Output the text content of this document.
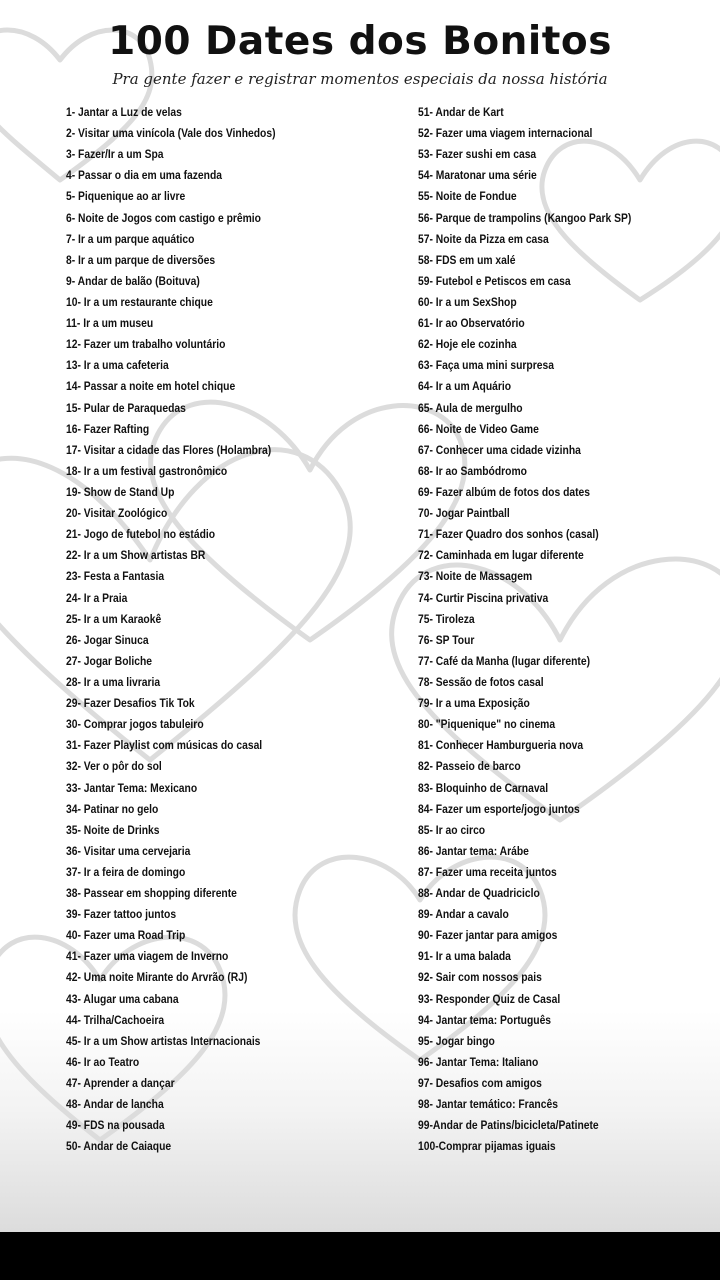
100 Dates dos Bonitos
Pra gente fazer e registrar momentos especiais da nossa história
1- Jantar a Luz de velas
2- Visitar uma vinícola (Vale dos Vinhedos)
3- Fazer/Ir a um Spa
4- Passar o dia em uma fazenda
5- Piquenique ao ar livre
6- Noite de Jogos com castigo e prêmio
7- Ir a um parque aquático
8- Ir a um parque de diversões
9- Andar de balão (Boituva)
10- Ir a um restaurante chique
11- Ir a um museu
12- Fazer um trabalho voluntário
13- Ir a uma cafeteria
14- Passar a noite em hotel chique
15- Pular de Paraquedas
16- Fazer Rafting
17- Visitar a cidade das Flores (Holambra)
18- Ir a um festival gastronômico
19- Show de Stand Up
20- Visitar Zoológico
21- Jogo de futebol no estádio
22- Ir a um Show artistas BR
23- Festa a Fantasia
24- Ir a Praia
25- Ir a um Karaokê
26- Jogar Sinuca
27- Jogar Boliche
28- Ir a uma livraria
29- Fazer Desafios Tik Tok
30- Comprar jogos tabuleiro
31- Fazer Playlist com músicas do casal
32- Ver o pôr do sol
33- Jantar Tema: Mexicano
34- Patinar no gelo
35- Noite de Drinks
36- Visitar uma cervejaria
37- Ir a feira de domingo
38- Passear em shopping diferente
39- Fazer tattoo juntos
40- Fazer uma Road Trip
41- Fazer uma viagem de Inverno
42- Uma noite Mirante do Arvrão (RJ)
43- Alugar uma cabana
44- Trilha/Cachoeira
45- Ir a um Show artistas Internacionais
46- Ir ao Teatro
47- Aprender a dançar
48- Andar de lancha
49- FDS na pousada
50- Andar de Caiaque
51- Andar de Kart
52- Fazer uma viagem internacional
53- Fazer sushi em casa
54- Maratonar uma série
55- Noite de Fondue
56- Parque de trampolins (Kangoo Park SP)
57- Noite da Pizza em casa
58- FDS em um xalé
59- Futebol e Petiscos em casa
60- Ir a um SexShop
61- Ir ao Observatório
62- Hoje ele cozinha
63- Faça uma mini surpresa
64- Ir a um Aquário
65- Aula de mergulho
66- Noite de Video Game
67- Conhecer uma cidade vizinha
68- Ir ao Sambódromo
69- Fazer albúm de fotos dos dates
70- Jogar Paintball
71- Fazer Quadro dos sonhos (casal)
72- Caminhada em lugar diferente
73- Noite de Massagem
74- Curtir Piscina privativa
75- Tiroleza
76- SP Tour
77- Café da Manha (lugar diferente)
78- Sessão de fotos casal
79- Ir a uma Exposição
80- "Piquenique" no cinema
81- Conhecer Hamburgueria nova
82- Passeio de barco
83- Bloquinho de Carnaval
84- Fazer um esporte/jogo juntos
85- Ir ao circo
86- Jantar tema: Arábe
87- Fazer uma receita juntos
88- Andar de Quadriciclo
89- Andar a cavalo
90- Fazer jantar para amigos
91- Ir a uma balada
92- Sair com nossos pais
93- Responder Quiz de Casal
94- Jantar tema: Português
95- Jogar bingo
96- Jantar Tema: Italiano
97- Desafios com amigos
98- Jantar temático: Francês
99-Andar de Patins/bicicleta/Patinete
100-Comprar pijamas iguais
